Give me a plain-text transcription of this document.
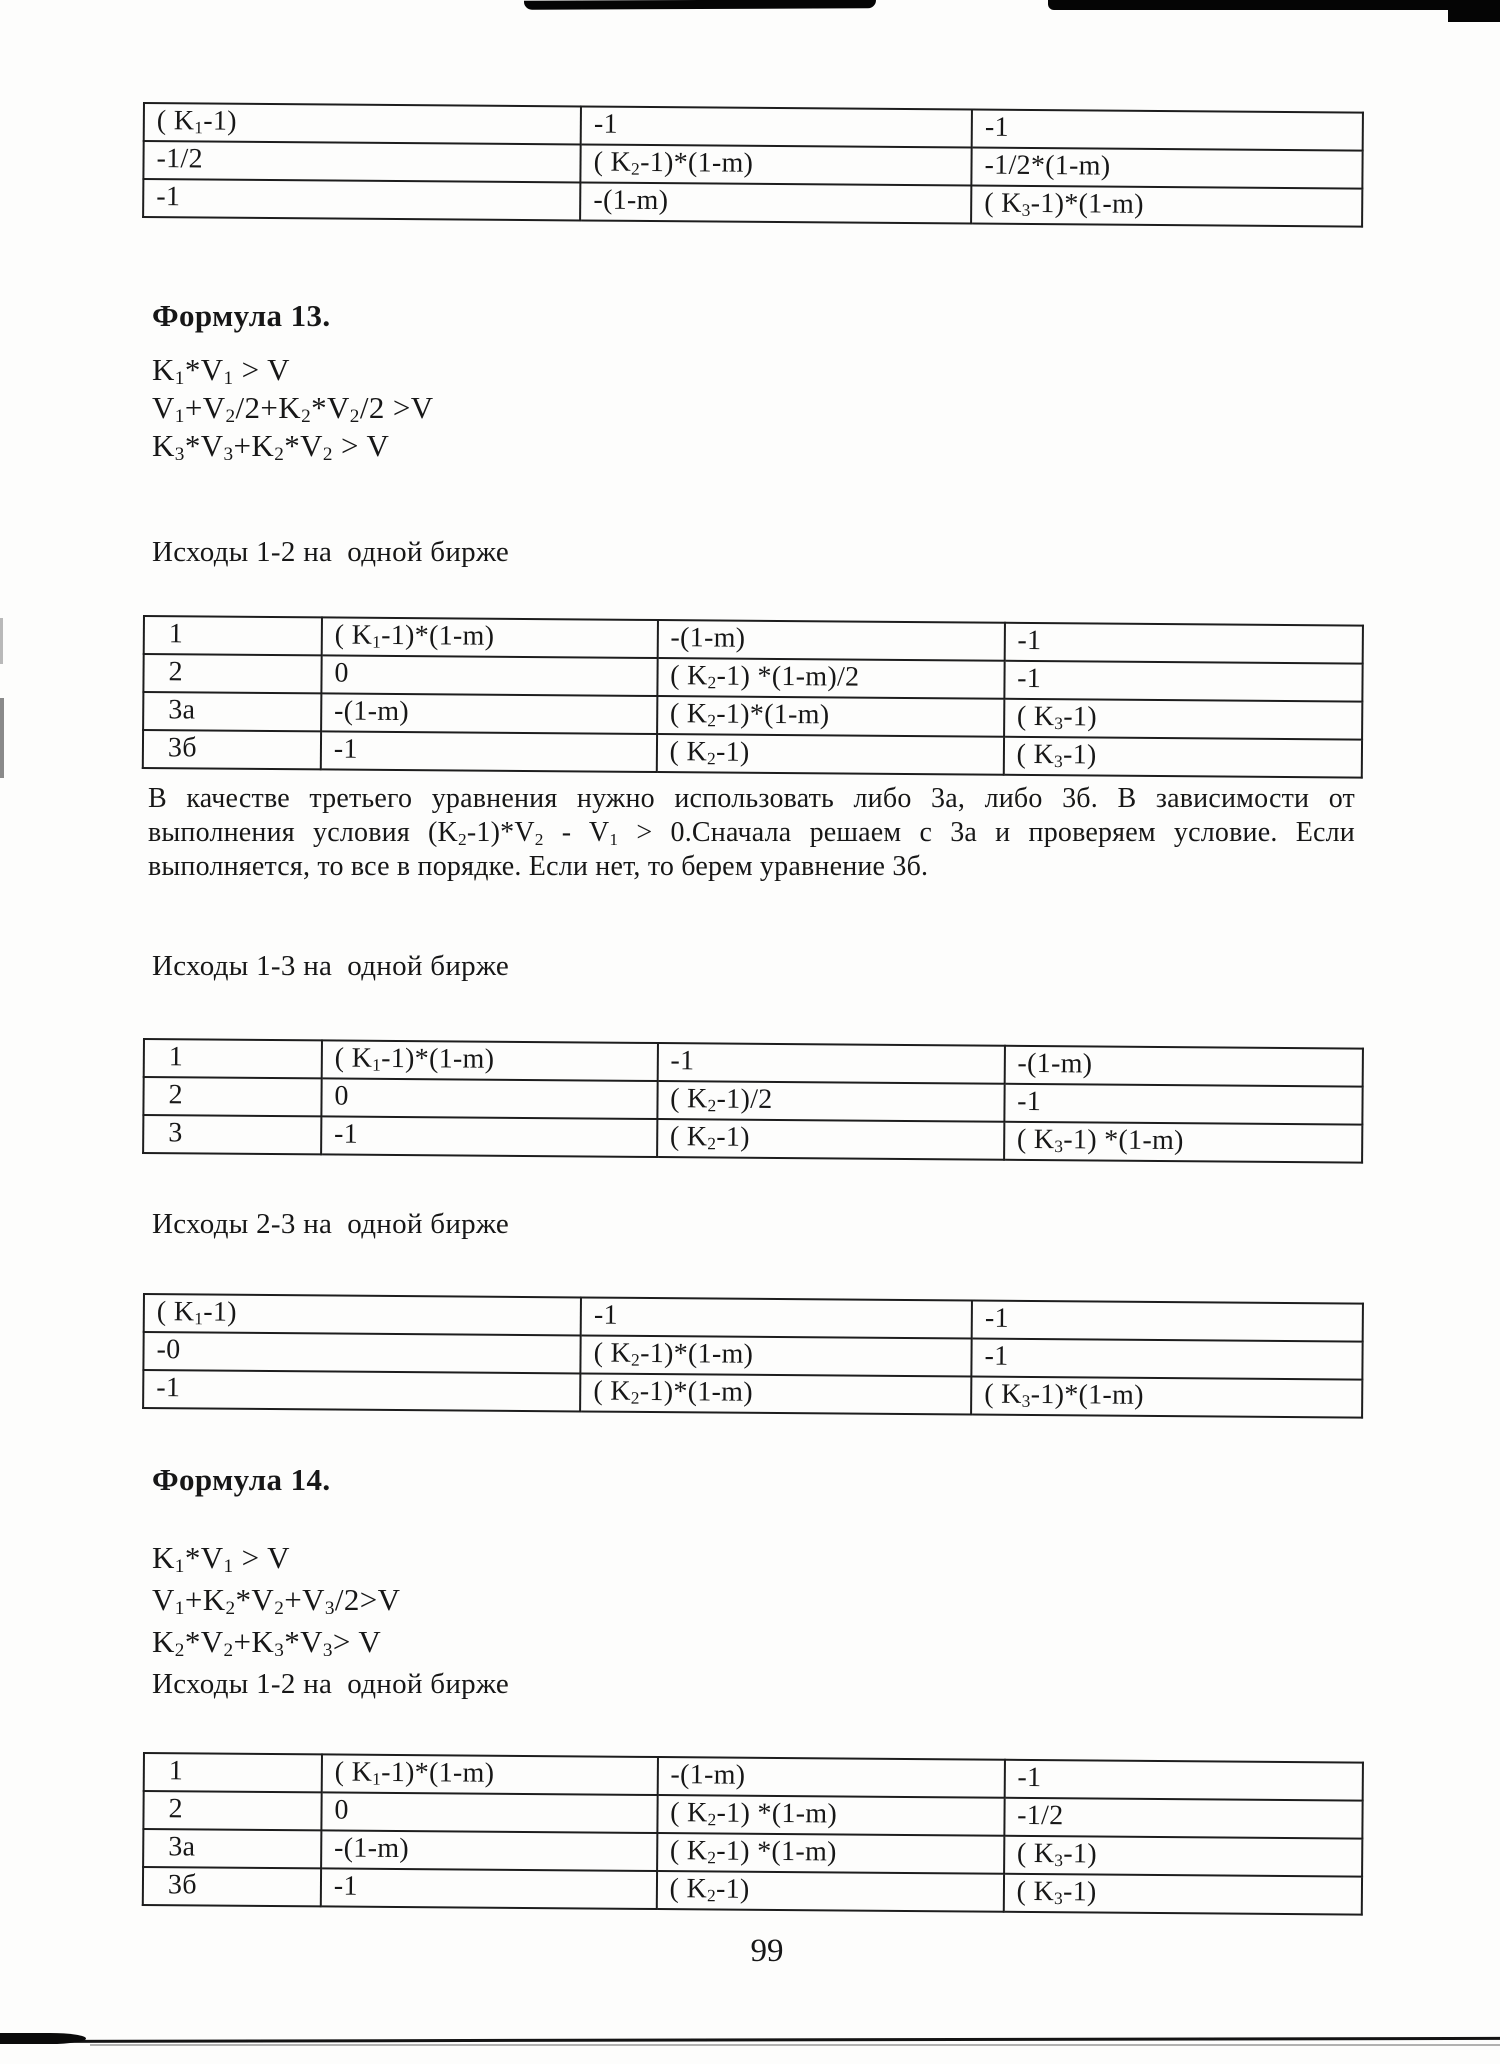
( $K_1-1$)	-1	-1
-1/2	( $K_2-1)*(1-m)$	-1/2*(1-m)
-1	-(1-m)	( $K_3-1)*(1-m)$
Формула 13.
$K_1*V_1 > V$
$V_1+V_2/2+K_2*V_2/2 >V$
$K_3*V_3+K_2*V_2 > V$
Исходы 1-2 на  одной бирже
1	( $K_1-1)*(1-m)$	-(1-m)	-1
2	0	( $K_2-1$) *(1-m)/2	-1
3а	-(1-m)	( $K_2-1)*(1-m)$	( $K_3-1$)
3б	-1	( $K_2-1$)	( $K_3-1$)
В качестве третьего уравнения нужно использовать либо 3а, либо 3б. В зависимости от
выполнения условия $(K_2-1)*V_2 - V_1$ > 0.Сначала решаем с 3а и проверяем условие. Если
выполняется, то все в порядке. Если нет, то берем уравнение 3б.
Исходы 1-3 на  одной бирже
1	( $K_1-1)*(1-m)$	-1	-(1-m)
2	0	( $K_2-1)/2$	-1
3	-1	( $K_2-1$)	( $K_3-1$) *(1-m)
Исходы 2-3 на  одной бирже
( $K_1-1$)	-1	-1
-0	( $K_2-1)*(1-m)$	-1
-1	( $K_2-1)*(1-m)$	( $K_3-1)*(1-m)$
Формула 14.
$K_1*V_1 > V$
$V_1+K_2*V_2+V_3/2>V$
$K_2*V_2+K_3*V_3> V$
Исходы 1-2 на  одной бирже
1	( $K_1-1)*(1-m)$	-(1-m)	-1
2	0	( $K_2-1$) *(1-m)	-1/2
3а	-(1-m)	( $K_2-1$) *(1-m)	( $K_3-1$)
3б	-1	( $K_2-1$)	( $K_3-1$)
99
